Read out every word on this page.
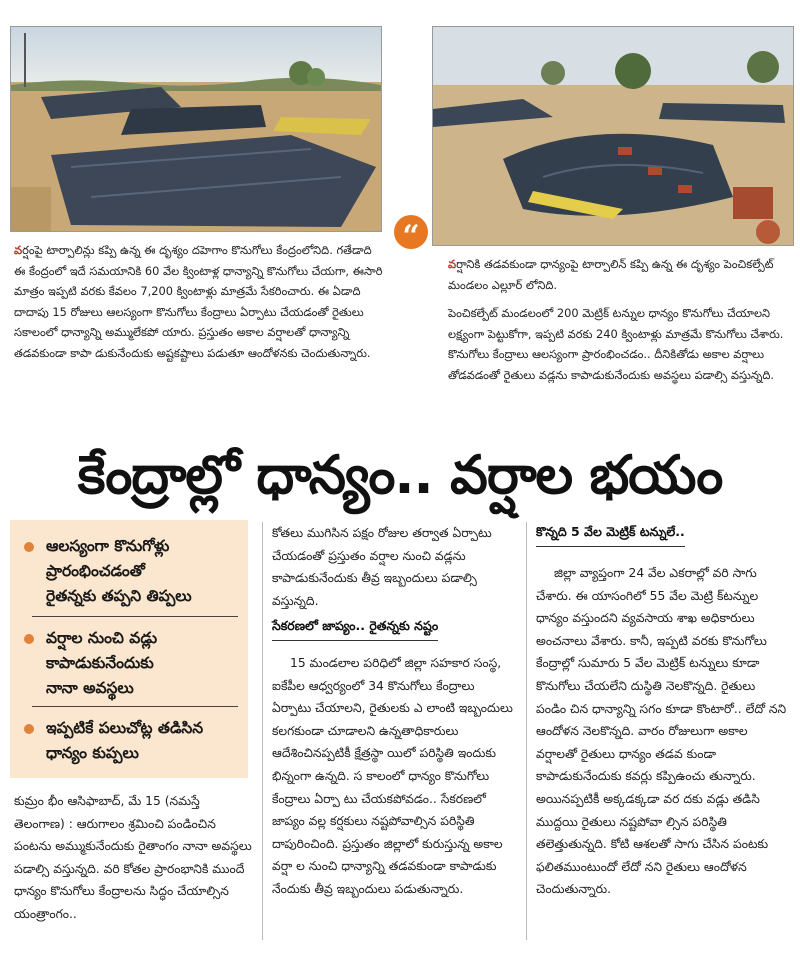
“

వర్షంపై టార్పాలిన్లు కప్పి ఉన్న ఈ దృశ్యం దహెగాం కొనుగోలు కేంద్రంలోనిది. గతేడాది ఈ కేంద్రంలో ఇదే సమయానికి 60 వేల క్వింటాళ్ల ధాన్యాన్ని కొనుగోలు చేయగా, ఈసారి మాత్రం ఇప్పటి వరకు కేవలం 7,200 క్వింటాళ్లు మాత్రమే సేకరించారు. ఈ ఏడాది దాదాపు 15 రోజులు ఆలస్యంగా కొనుగోలు కేంద్రాలు ఏర్పాటు చేయడంతో రైతులు సకాలంలో ధాన్యాన్ని అమ్ములేకపో యారు. ప్రస్తుతం అకాల వర్షాలతో ధాన్యాన్ని తడవకుండా కాపా డుకునేందుకు అష్టకష్టాలు పడుతూ ఆందోళనకు చెందుతున్నారు.

వర్షానికి తడవకుండా ధాన్యంపై టార్పాలిన్ కప్పి ఉన్న ఈ దృశ్యం పెంచికల్పేట్ మండలం ఎల్లూర్ లోనిది.

పెంచికల్పేట్ మండలంలో 200 మెట్రిక్ టన్నుల ధాన్యం కొనుగోలు చేయాలని లక్ష్యంగా పెట్టుకోగా, ఇప్పటి వరకు 240 క్వింటాళ్లు మాత్రమే కొనుగోలు చేశారు. కొనుగోలు కేంద్రాలు ఆలస్యంగా ప్రారంభించడం.. దీనికితోడు అకాల వర్షాలు తోడవడంతో రైతులు వడ్లను కాపాడుకునేందుకు అవస్థలు పడాల్సి వస్తున్నది.

కేంద్రాల్లో ధాన్యం.. వర్షాల భయం
ఆలస్యంగా కొనుగోళ్లు
ప్రారంభించడంతో
రైతన్నకు తప్పని తిప్పలు
వర్షాల నుంచి వడ్లు
కాపాడుకునేందుకు
నానా అవస్థలు
ఇప్పటికే పలుచోట్ల తడిసిన
ధాన్యం కుప్పలు

కుమ్రం భీం ఆసిఫాబాద్, మే 15 (నమస్తే తెలంగాణ) : ఆరుగాలం శ్రమించి పండించిన పంటను అమ్ముకునేందుకు రైతాంగం నానా అవస్థలు పడాల్సి వస్తున్నది. వరి కోతల ప్రారంభానికి ముందే ధాన్యం కొనుగోలు కేంద్రాలను సిద్ధం చేయాల్సిన యంత్రాంగం..

కోతలు ముగిసిన పక్షం రోజుల తర్వాత ఏర్పాటు చేయడంతో ప్రస్తుతం వర్షాల నుంచి వడ్లను కాపాడుకునేందుకు తీవ్ర ఇబ్బందులు పడాల్సి వస్తున్నది.

సేకరణలో జాప్యం.. రైతన్నకు నష్టం

15 మండలాల పరిధిలో జిల్లా సహకార సంస్థ, ఐకేపీల ఆధ్వర్యంలో 34 కొనుగోలు కేంద్రాలు ఏర్పాటు చేయాలని, రైతులకు ఎ లాంటి ఇబ్బందులు కలగకుండా చూడాలని ఉన్నతాధికారులు ఆదేశించినప్పటికీ క్షేత్రస్థా యిలో పరిస్థితి ఇందుకు భిన్నంగా ఉన్నది. స కాలంలో ధాన్యం కొనుగోలు కేంద్రాలు ఏర్పా టు చేయకపోవడం.. సేకరణలో జాప్యం వల్ల కర్షకులు నష్టపోవాల్సిన పరిస్థితి దాపురించింది. ప్రస్తుతం జిల్లాలో కురుస్తున్న అకాల వర్షా ల నుంచి ధాన్యాన్ని తడవకుండా కాపాడుకు నేందుకు తీవ్ర ఇబ్బందులు పడుతున్నారు.

కొన్నది 5 వేల మెట్రిక్ టన్నులే..

జిల్లా వ్యాప్తంగా 24 వేల ఎకరాల్లో వరి సాగు చేశారు. ఈ యాసంగిలో 55 వేల మెట్రి క్‌టన్నుల ధాన్యం వస్తుందని వ్యవసాయ శాఖ అధికారులు అంచనాలు వేశారు. కానీ, ఇప్పటి వరకు కొనుగోలు కేంద్రాల్లో సుమారు 5 వేల మెట్రిక్ టన్నులు కూడా కొనుగోలు చేయలేని దుస్థితి నెలకొన్నది. రైతులు పండిం చిన ధాన్యాన్ని సగం కూడా కొంటారో.. లేదో నని ఆందోళన నెలకొన్నది. వారం రోజులుగా అకాల వర్షాలతో రైతులు ధాన్యం తడవ కుండా కాపాడుకునేందుకు కవర్లు కప్పిఉంచు తున్నారు. అయినప్పటికీ అక్కడక్కడా వర దకు వడ్లు తడిసి ముద్దయి రైతులు నష్టపోవా ల్సిన పరిస్థితి తలెత్తుతున్నది. కోటి ఆశలతో సాగు చేసిన పంటకు ఫలితముంటుందో లేదో నని రైతులు ఆందోళన చెందుతున్నారు.
